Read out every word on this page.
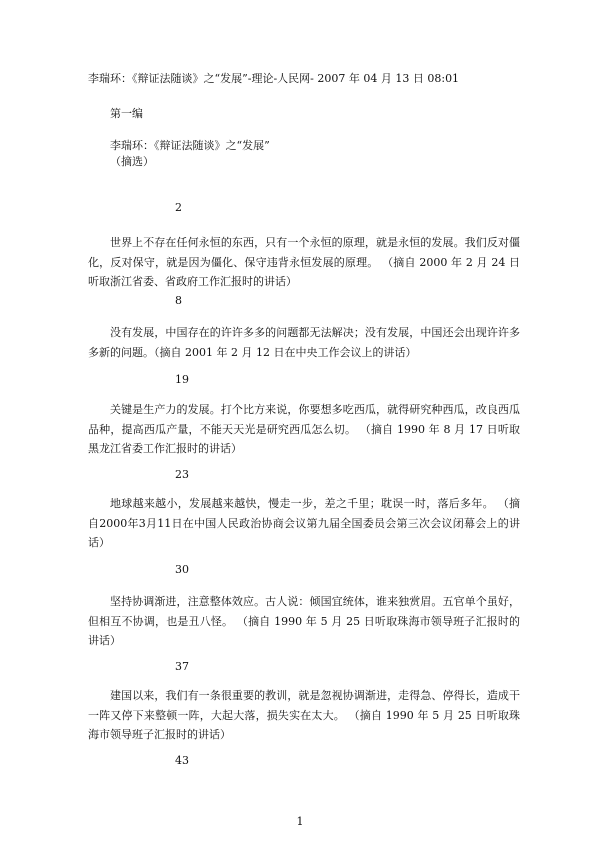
李瑞环：《辩证法随谈》之“发展”-理论-人民网- 2007 年 04 月 13 日 08:01
第一编
李瑞环：《辩证法随谈》之“发展”
（摘选）
2
世界上不存在任何永恒的东西，只有一个永恒的原理，就是永恒的发展。我们反对僵化，反对保守，就是因为僵化、保守违背永恒发展的原理。 （摘自 2000 年 2 月 24 日听取浙江省委、省政府工作汇报时的讲话）
8
没有发展，中国存在的许许多多的问题都无法解决；没有发展，中国还会出现许许多多新的问题。（摘自 2001 年 2 月 12 日在中央工作会议上的讲话）
19
关键是生产力的发展。打个比方来说，你要想多吃西瓜，就得研究种西瓜，改良西瓜品种，提高西瓜产量，不能天天光是研究西瓜怎么切。 （摘自 1990 年 8 月 17 日听取黑龙江省委工作汇报时的讲话）
23
地球越来越小，发展越来越快，慢走一步，差之千里；耽误一时，落后多年。 （摘自2000年3月11日在中国人民政治协商会议第九届全国委员会第三次会议闭幕会上的讲话）
30
坚持协调渐进，注意整体效应。古人说：倾国宜统体，谁来独赏眉。五官单个虽好，但相互不协调，也是丑八怪。 （摘自 1990 年 5 月 25 日听取珠海市领导班子汇报时的讲话）
37
建国以来，我们有一条很重要的教训，就是忽视协调渐进，走得急、停得长，造成干一阵又停下来整顿一阵，大起大落，损失实在太大。 （摘自 1990 年 5 月 25 日听取珠海市领导班子汇报时的讲话）
43
1
